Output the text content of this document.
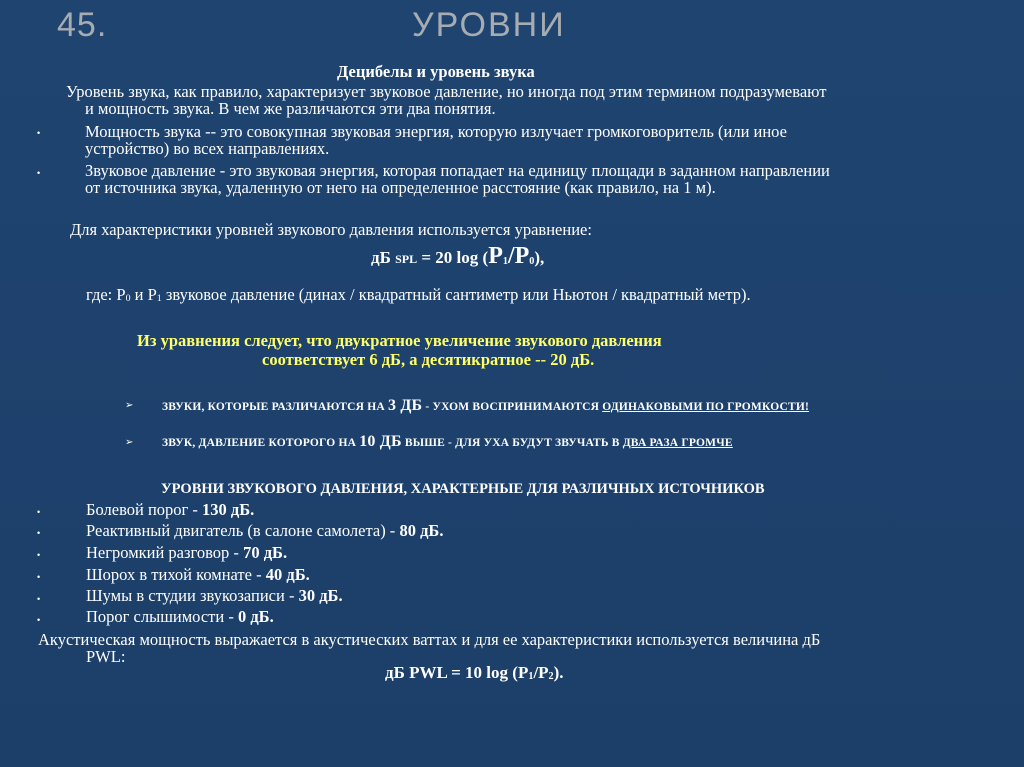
45.	УРОВНИ
Децибелы и уровень звука
Уровень звука, как правило, характеризует звуковое давление, но иногда под этим термином подразумевают
и мощность звука. В чем же различаются эти два понятия.
•	Мощность звука -- это совокупная звуковая энергия, которую излучает громкоговоритель (или иное
устройство) во всех направлениях.
•	Звуковое давление - это звуковая энергия, которая попадает на единицу площади в заданном направлении
от источника звука, удаленную от него на определенное расстояние (как правило, на 1 м).
Для характеристики уровней звукового давления используется уравнение:
дБ SPL = 20 $\log (P_1/P_0)$,
где: $Р_0$ и $Р_1$ звуковое давление (динах / квадратный сантиметр или Ньютон / квадратный метр).
Из уравнения следует, что двукратное увеличение звукового давления
соответствует 6 дБ, а десятикратное -- 20 дБ.
➢ ЗВУКИ, КОТОРЫЕ РАЗЛИЧАЮТСЯ НА 3 ДБ - УХОМ ВОСПРИНИМАЮТСЯ ОДИНАКОВЫМИ ПО ГРОМКОСТИ!
➢ ЗВУК, ДАВЛЕНИЕ КОТОРОГО НА 10 ДБ ВЫШЕ - ДЛЯ УХА БУДУТ ЗВУЧАТЬ В ДВА РАЗА ГРОМЧЕ
УРОВНИ ЗВУКОВОГО ДАВЛЕНИЯ, ХАРАКТЕРНЫЕ ДЛЯ РАЗЛИЧНЫХ ИСТОЧНИКОВ
•	Болевой порог - 130 дБ.
•	Реактивный двигатель (в салоне самолета) - 80 дБ.
•	Негромкий разговор - 70 дБ.
•	Шорох в тихой комнате - 40 дБ.
•	Шумы в студии звукозаписи - 30 дБ.
•	Порог слышимости - 0 дБ.
Акустическая мощность выражается в акустических ваттах и для ее характеристики используется величина дБ
PWL:
дБ PWL = 10 $\log (Р_1/Р_2)$.
